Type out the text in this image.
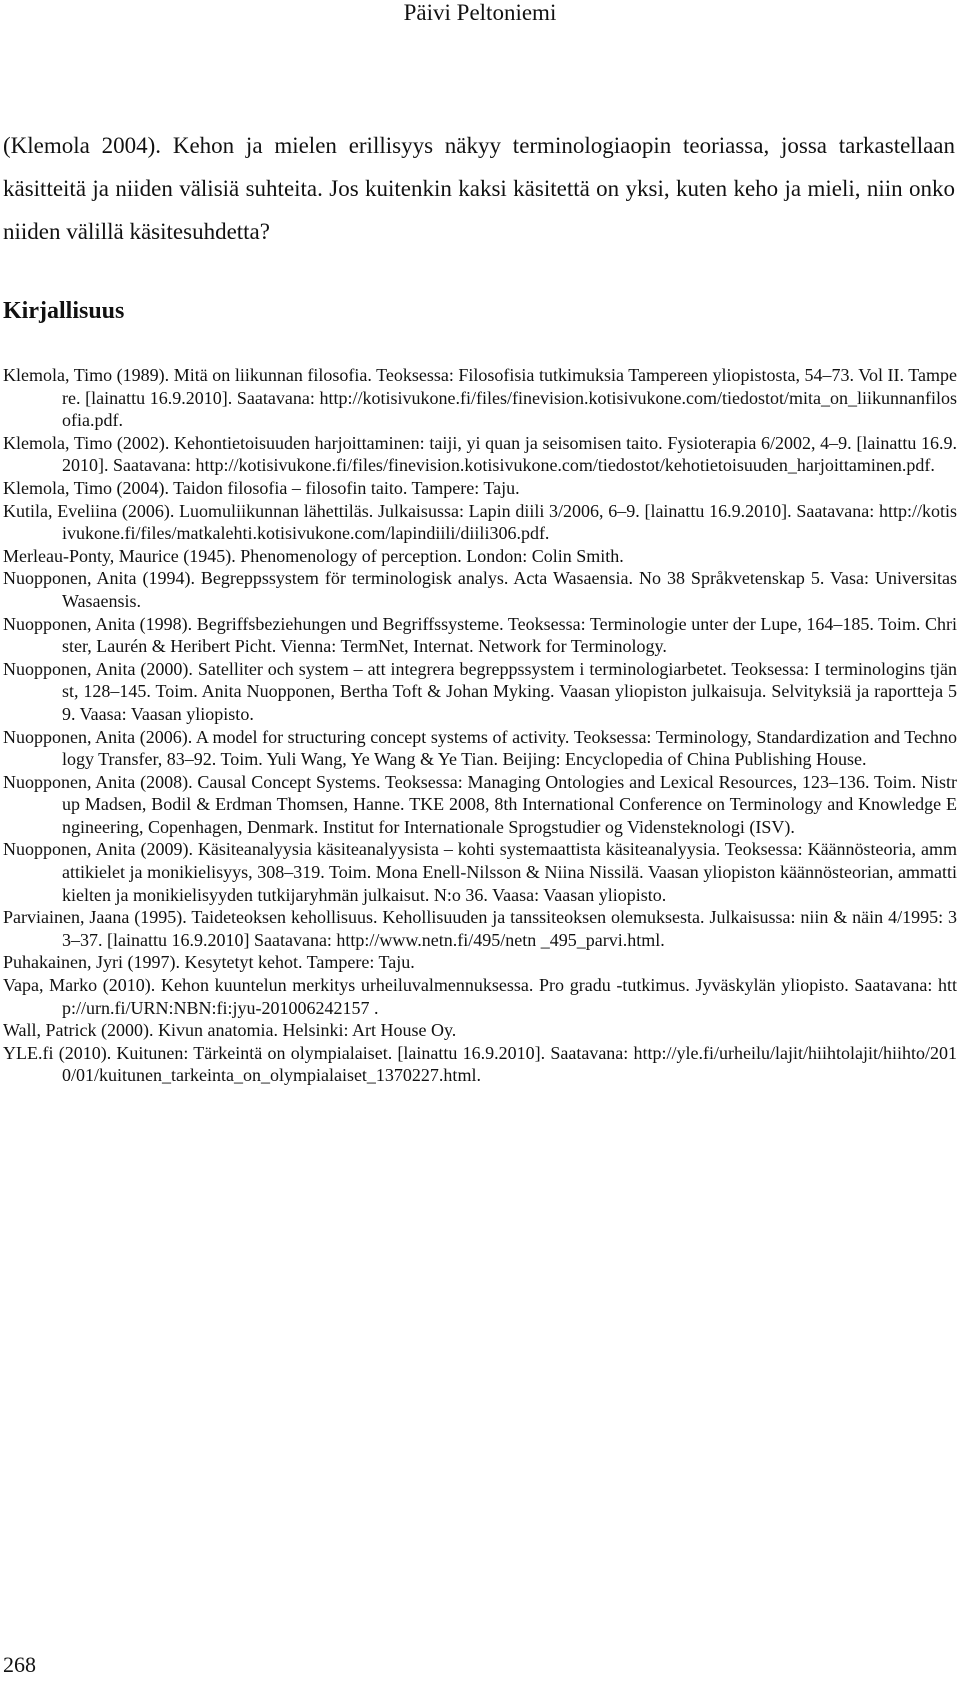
Päivi Peltoniemi

(Klemola 2004). Kehon ja mielen erillisyys näkyy terminologiaopin teoriassa, jossa tarkastellaan käsitteitä ja niiden välisiä suhteita. Jos kuitenkin kaksi käsitettä on yksi, kuten keho ja mieli, niin onko niiden välillä käsitesuhdetta?

Kirjallisuus
Klemola, Timo (1989). Mitä on liikunnan filosofia. Teoksessa: Filosofisia tutkimuksia Tampereen yliopistosta, 54–73. Vol II. Tampere. [lainattu 16.9.2010]. Saatavana: http://kotisivukone.fi/files/finevision.kotisivukone.com/tiedostot/mita_on_liikunnanfilosofia.pdf.
Klemola, Timo (2002). Kehontietoisuuden harjoittaminen: taiji, yi quan ja seisomisen taito. Fysioterapia 6/2002, 4–9. [lainattu 16.9.2010]. Saatavana: http://kotisivukone.fi/files/finevision.kotisivukone.com/tiedostot/kehotietoisuuden_harjoittaminen.pdf.
Klemola, Timo (2004). Taidon filosofia – filosofin taito. Tampere: Taju.
Kutila, Eveliina (2006). Luomuliikunnan lähettiläs. Julkaisussa: Lapin diili 3/2006, 6–9. [lainattu 16.9.2010]. Saatavana: http://kotisivukone.fi/files/matkalehti.kotisivukone.com/lapindiili/diili306.pdf.
Merleau-Ponty, Maurice (1945). Phenomenology of perception. London: Colin Smith.
Nuopponen, Anita (1994). Begreppssystem för terminologisk analys. Acta Wasaensia. No 38 Språkvetenskap 5. Vasa: Universitas Wasaensis.
Nuopponen, Anita (1998). Begriffsbeziehungen und Begriffssysteme. Teoksessa: Terminologie unter der Lupe, 164–185. Toim. Christer, Laurén & Heribert Picht. Vienna: TermNet, Internat. Network for Terminology.
Nuopponen, Anita (2000). Satelliter och system – att integrera begreppssystem i terminologiarbetet. Teoksessa: I terminologins tjänst, 128–145. Toim. Anita Nuopponen, Bertha Toft & Johan Myking. Vaasan yliopiston julkaisuja. Selvityksiä ja raportteja 59. Vaasa: Vaasan yliopisto.
Nuopponen, Anita (2006). A model for structuring concept systems of activity. Teoksessa: Terminology, Standardization and Technology Transfer, 83–92. Toim. Yuli Wang, Ye Wang & Ye Tian. Beijing: Encyclopedia of China Publishing House.
Nuopponen, Anita (2008). Causal Concept Systems. Teoksessa: Managing Ontologies and Lexical Resources, 123–136. Toim. Nistrup Madsen, Bodil & Erdman Thomsen, Hanne. TKE 2008, 8th International Conference on Terminology and Knowledge Engineering, Copenhagen, Denmark. Institut for Internationale Sprogstudier og Vidensteknologi (ISV).
Nuopponen, Anita (2009). Käsiteanalyysia käsiteanalyysista – kohti systemaattista käsiteanalyysia. Teoksessa: Käännösteoria, ammattikielet ja monikielisyys, 308–319. Toim. Mona Enell-Nilsson & Niina Nissilä. Vaasan yliopiston käännösteorian, ammattikielten ja monikielisyyden tutkijaryhmän julkaisut. N:o 36. Vaasa: Vaasan yliopisto.
Parviainen, Jaana (1995). Taideteoksen kehollisuus. Kehollisuuden ja tanssiteoksen olemuksesta. Julkaisussa: niin & näin 4/1995: 33–37. [lainattu 16.9.2010] Saatavana: http://www.netn.fi/495/netn _495_parvi.html.
Puhakainen, Jyri (1997). Kesytetyt kehot. Tampere: Taju.
Vapa, Marko (2010). Kehon kuuntelun merkitys urheiluvalmennuksessa. Pro gradu -tutkimus. Jyväskylän yliopisto. Saatavana: http://urn.fi/URN:NBN:fi:jyu-201006242157 .
Wall, Patrick (2000). Kivun anatomia. Helsinki: Art House Oy.
YLE.fi (2010). Kuitunen: Tärkeintä on olympialaiset. [lainattu 16.9.2010]. Saatavana: http://yle.fi/urheilu/lajit/hiihtolajit/hiihto/2010/01/kuitunen_tarkeinta_on_olympialaiset_1370227.html.
268
